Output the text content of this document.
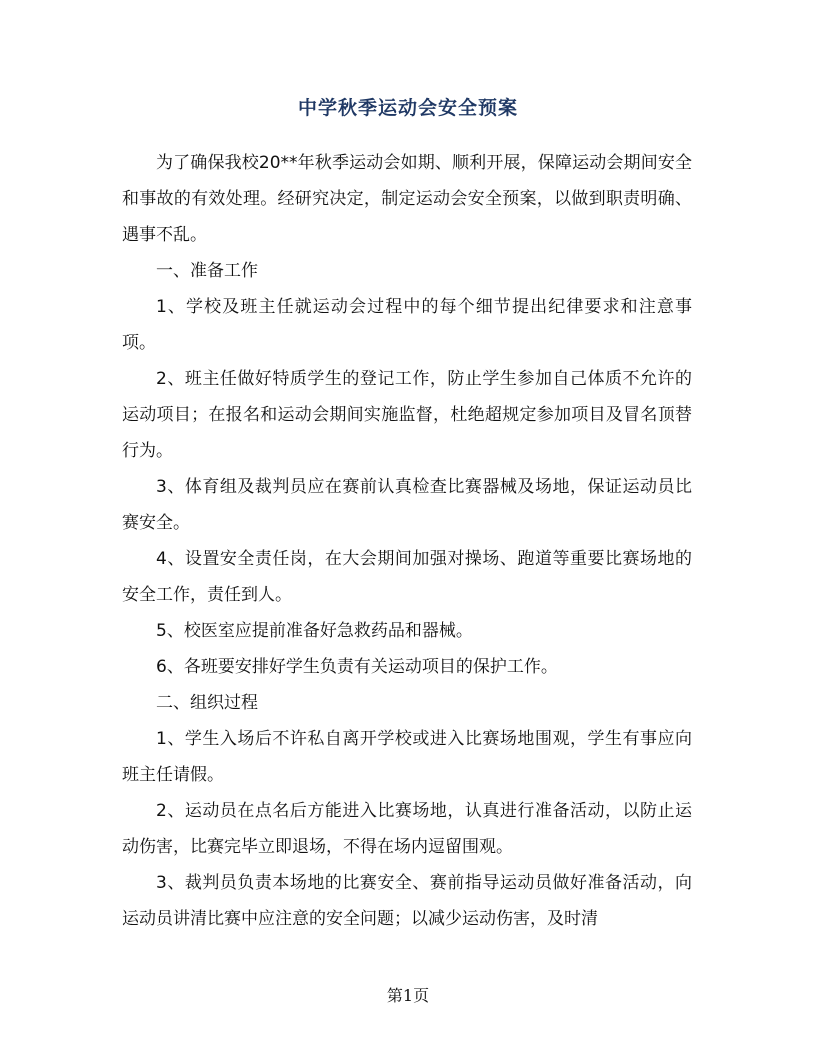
中学秋季运动会安全预案

为了确保我校20**年秋季运动会如期、顺利开展，保障运动会期间安全和事故的有效处理。经研究决定，制定运动会安全预案，以做到职责明确、遇事不乱。

一、准备工作

1、学校及班主任就运动会过程中的每个细节提出纪律要求和注意事项。

2、班主任做好特质学生的登记工作，防止学生参加自己体质不允许的运动项目；在报名和运动会期间实施监督，杜绝超规定参加项目及冒名顶替行为。

3、体育组及裁判员应在赛前认真检查比赛器械及场地，保证运动员比赛安全。

4、设置安全责任岗，在大会期间加强对操场、跑道等重要比赛场地的安全工作，责任到人。

5、校医室应提前准备好急救药品和器械。

6、各班要安排好学生负责有关运动项目的保护工作。

二、组织过程

1、学生入场后不许私自离开学校或进入比赛场地围观，学生有事应向班主任请假。

2、运动员在点名后方能进入比赛场地，认真进行准备活动，以防止运动伤害，比赛完毕立即退场，不得在场内逗留围观。

3、裁判员负责本场地的比赛安全、赛前指导运动员做好准备活动，向运动员讲清比赛中应注意的安全问题；以减少运动伤害，及时清

第1页
